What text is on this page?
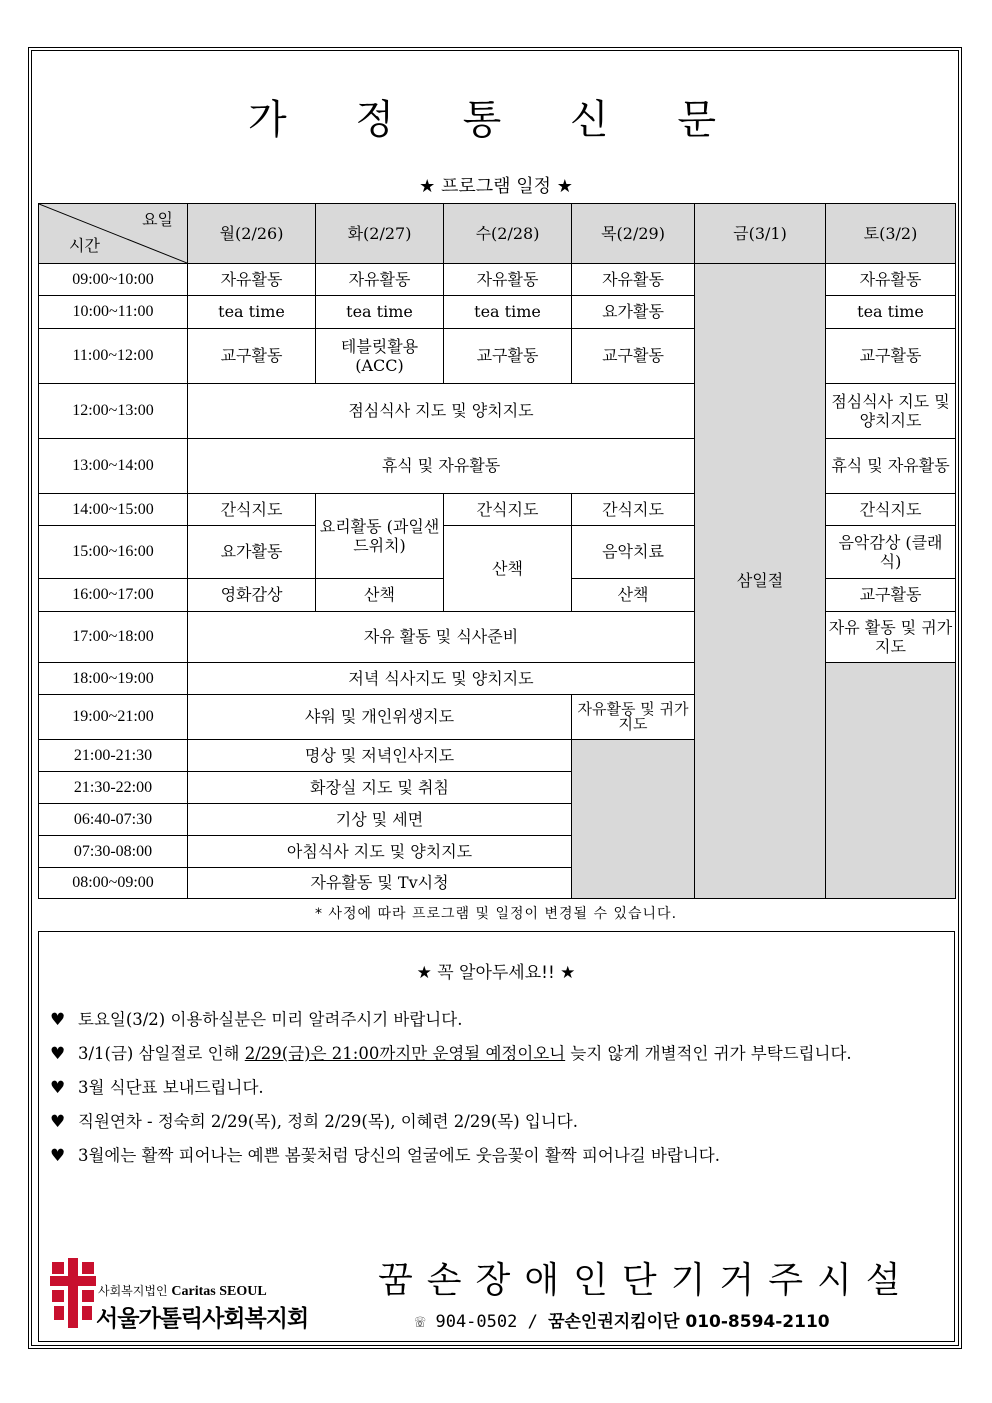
가 정 통 신 문
★ 프로그램 일정 ★
요일
시간	월(2/26)	화(2/27)	수(2/28)	목(2/29)	금(3/1)	토(3/2)
09:00~10:00	자유활동	자유활동	자유활동	자유활동	삼일절	자유활동
10:00~11:00	tea time	tea time	tea time	요가활동		tea time
11:00~12:00	교구활동	테블릿활용 (ACC)	교구활동	교구활동		교구활동
12:00~13:00	점심식사 지도 및 양치지도					점심식사 지도 및 양치지도
13:00~14:00	휴식 및 자유활동					휴식 및 자유활동
14:00~15:00	간식지도	요리활동 (과일샌드위치)	간식지도	간식지도		간식지도
15:00~16:00	요가활동		산책	음악치료		음악감상 (클래식)
16:00~17:00	영화감상	산책		산책		교구활동
17:00~18:00	자유 활동 및 식사준비					자유 활동 및 귀가지도
18:00~19:00	저녁 식사지도 및 양치지도					
19:00~21:00	샤워 및 개인위생지도			자유활동 및 귀가지도		
21:00-21:30	명상 및 저녁인사지도					
21:30-22:00	화장실 지도 및 취침					
06:40-07:30	기상 및 세면					
07:30-08:00	아침식사 지도 및 양치지도					
08:00~09:00	자유활동 및 Tv시청					
* 사정에 따라 프로그램 및 일정이 변경될 수 있습니다.
★ 꼭 알아두세요!! ★
♥ 토요일(3/2) 이용하실분은 미리 알려주시기 바랍니다.
♥ 3/1(금) 삼일절로 인해 2/29(금)은 21:00까지만 운영될 예정이오니 늦지 않게 개별적인 귀가 부탁드립니다.
♥ 3월 식단표 보내드립니다.
♥ 직원연차 - 정숙희 2/29(목), 정희 2/29(목), 이혜련 2/29(목) 입니다.
♥ 3월에는 활짝 피어나는 예쁜 봄꽃처럼 당신의 얼굴에도 웃음꽃이 활짝 피어나길 바랍니다.
사회복지법인 Caritas SEOUL
서울가톨릭사회복지회
꿈손장애인단기거주시설
☏ 904-0502 / 꿈손인권지킴이단 010-8594-2110
